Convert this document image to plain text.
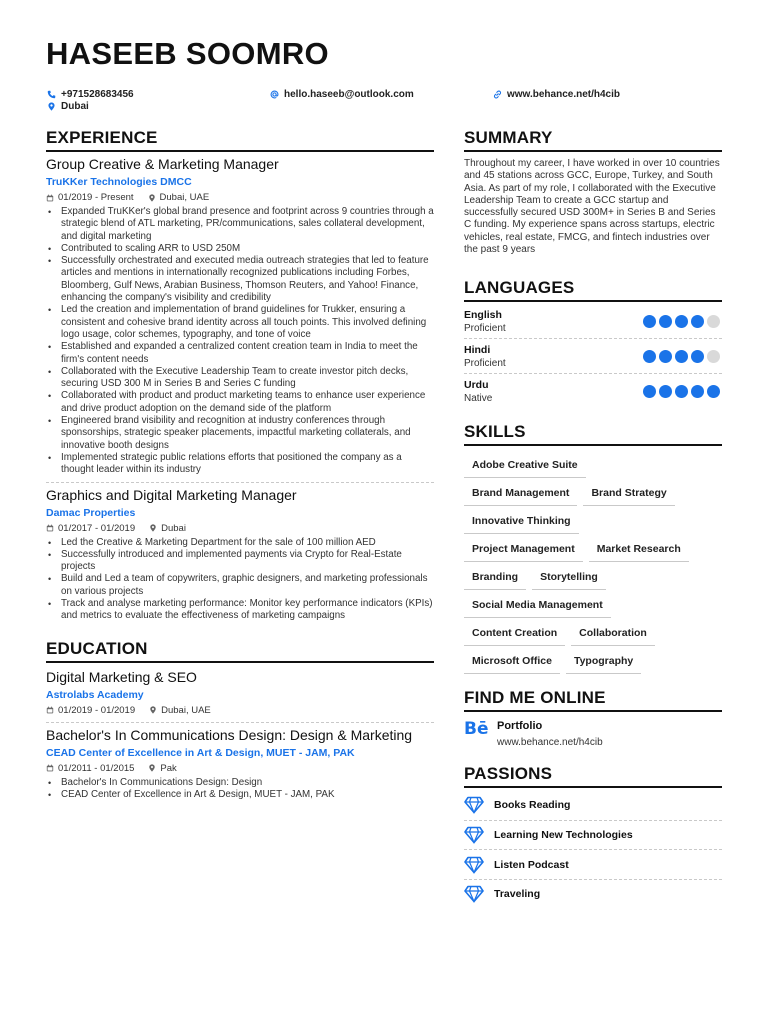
HASEEB SOOMRO
+971528683456
Dubai
hello.haseeb@outlook.com	www.behance.net/h4cib
EXPERIENCE
Group Creative & Marketing Manager
TruKKer Technologies DMCC
01/2019 - Present	Dubai, UAE
• Expanded TruKKer's global brand presence and footprint across 9 countries through a strategic blend of ATL marketing, PR/communications, sales collateral development, and digital marketing
• Contributed to scaling ARR to USD 250M
• Successfully orchestrated and executed media outreach strategies that led to feature articles and mentions in internationally recognized publications including Forbes, Bloomberg, Gulf News, Arabian Business, Thomson Reuters, and Yahoo! Finance, enhancing the company's visibility and credibility
• Led the creation and implementation of brand guidelines for Trukker, ensuring a consistent and cohesive brand identity across all touch points. This involved defining logo usage, color schemes, typography, and tone of voice
• Established and expanded a centralized content creation team in India to meet the firm's content needs
• Collaborated with the Executive Leadership Team to create investor pitch decks, securing USD 300 M in Series B and Series C funding
• Collaborated with product and product marketing teams to enhance user experience and drive product adoption on the demand side of the platform
• Engineered brand visibility and recognition at industry conferences through sponsorships, strategic speaker placements, impactful marketing collaterals, and innovative booth designs
• Implemented strategic public relations efforts that positioned the company as a thought leader within its industry
Graphics and Digital Marketing Manager
Damac Properties
01/2017 - 01/2019	Dubai
• Led the Creative & Marketing Department for the sale of 100 million AED
• Successfully introduced and implemented payments via Crypto for Real-Estate projects
• Build and Led a team of copywriters, graphic designers, and marketing professionals on various projects
• Track and analyse marketing performance: Monitor key performance indicators (KPIs) and metrics to evaluate the effectiveness of marketing campaigns
EDUCATION
Digital Marketing & SEO
Astrolabs Academy
01/2019 - 01/2019	Dubai, UAE
Bachelor's In Communications Design: Design & Marketing
CEAD Center of Excellence in Art & Design, MUET - JAM, PAK
01/2011 - 01/2015	Pak
• Bachelor's In Communications Design: Design
• CEAD Center of Excellence in Art & Design, MUET - JAM, PAK
SUMMARY
Throughout my career, I have worked in over 10 countries and 45 stations across GCC, Europe, Turkey, and South Asia. As part of my role, I collaborated with the Executive Leadership Team to create a GCC startup and successfully secured USD 300M+ in Series B and Series C funding. My experience spans across startups, electric vehicles, real estate, FMCG, and fintech industries over the past 9 years
LANGUAGES
English
Proficient
Hindi
Proficient
Urdu
Native
SKILLS
Adobe Creative Suite
Brand Management	Brand Strategy
Innovative Thinking
Project Management	Market Research
Branding	Storytelling
Social Media Management
Content Creation	Collaboration
Microsoft Office	Typography
FIND ME ONLINE
Bē Portfolio
www.behance.net/h4cib
PASSIONS
Books Reading
Learning New Technologies
Listen Podcast
Traveling
